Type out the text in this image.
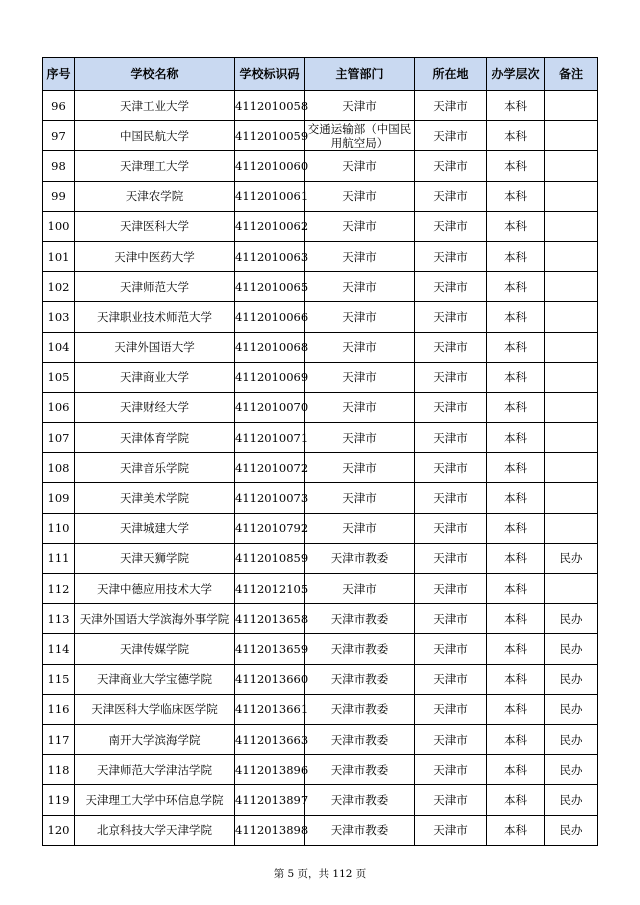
序号	学校名称	学校标识码	主管部门	所在地	办学层次	备注
96	天津工业大学	4112010058	天津市	天津市	本科	
97	中国民航大学	4112010059	交通运输部（中国民用航空局）	天津市	本科	
98	天津理工大学	4112010060	天津市	天津市	本科	
99	天津农学院	4112010061	天津市	天津市	本科	
100	天津医科大学	4112010062	天津市	天津市	本科	
101	天津中医药大学	4112010063	天津市	天津市	本科	
102	天津师范大学	4112010065	天津市	天津市	本科	
103	天津职业技术师范大学	4112010066	天津市	天津市	本科	
104	天津外国语大学	4112010068	天津市	天津市	本科	
105	天津商业大学	4112010069	天津市	天津市	本科	
106	天津财经大学	4112010070	天津市	天津市	本科	
107	天津体育学院	4112010071	天津市	天津市	本科	
108	天津音乐学院	4112010072	天津市	天津市	本科	
109	天津美术学院	4112010073	天津市	天津市	本科	
110	天津城建大学	4112010792	天津市	天津市	本科	
111	天津天狮学院	4112010859	天津市教委	天津市	本科	民办
112	天津中德应用技术大学	4112012105	天津市	天津市	本科	
113	天津外国语大学滨海外事学院	4112013658	天津市教委	天津市	本科	民办
114	天津传媒学院	4112013659	天津市教委	天津市	本科	民办
115	天津商业大学宝德学院	4112013660	天津市教委	天津市	本科	民办
116	天津医科大学临床医学院	4112013661	天津市教委	天津市	本科	民办
117	南开大学滨海学院	4112013663	天津市教委	天津市	本科	民办
118	天津师范大学津沽学院	4112013896	天津市教委	天津市	本科	民办
119	天津理工大学中环信息学院	4112013897	天津市教委	天津市	本科	民办
120	北京科技大学天津学院	4112013898	天津市教委	天津市	本科	民办
第 5 页，共 112 页
